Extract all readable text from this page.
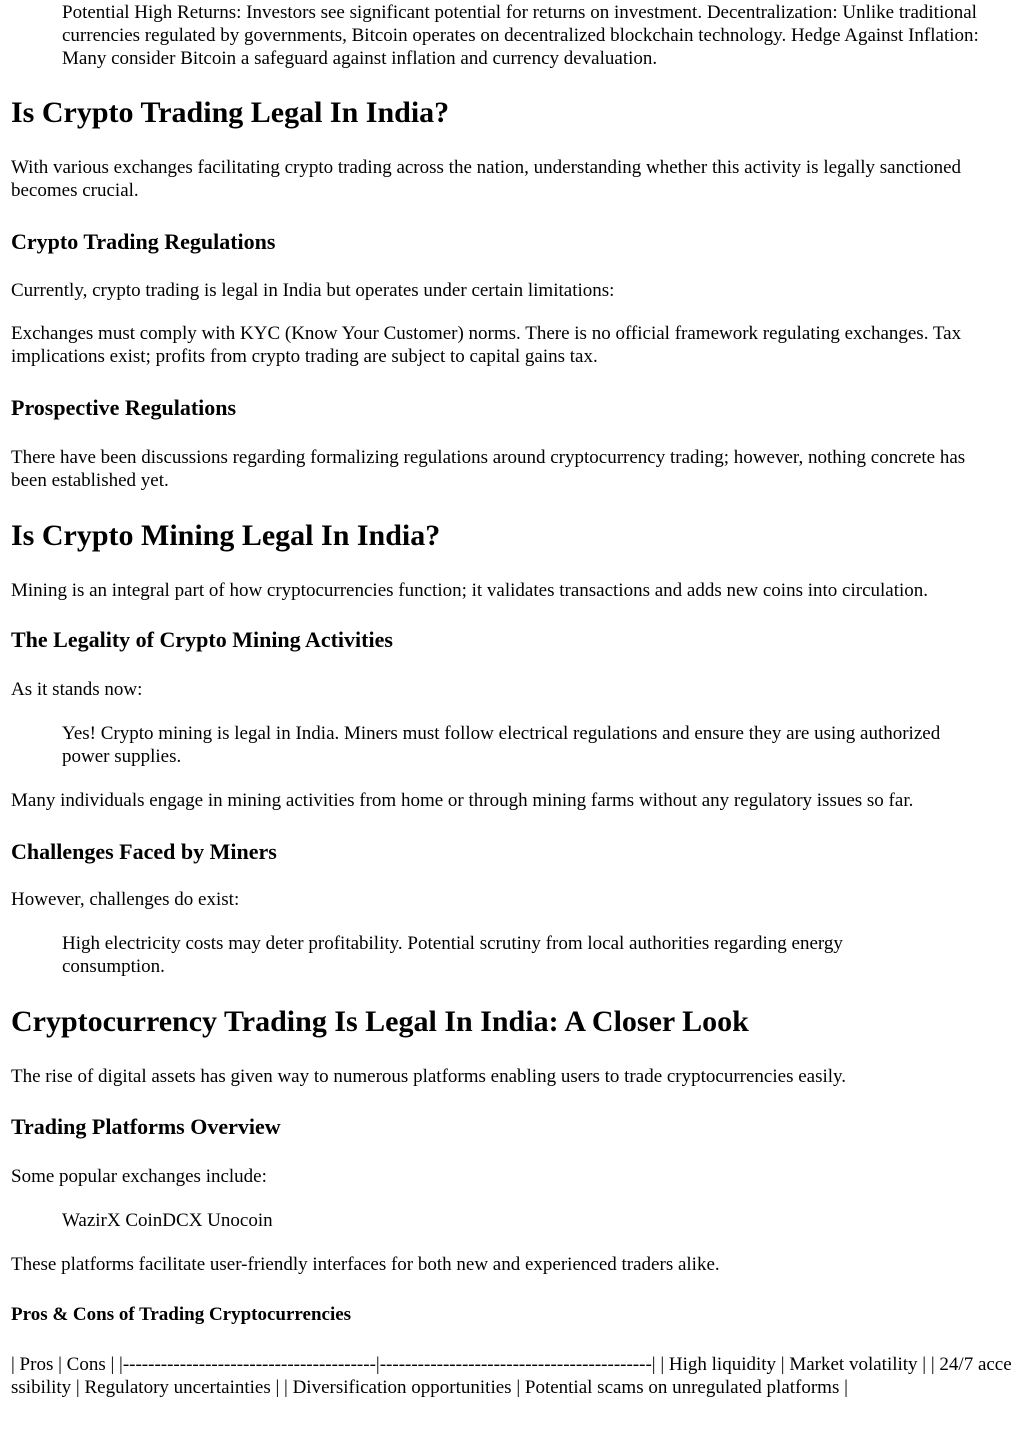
Potential High Returns: Investors see significant potential for returns on investment. Decentralization: Unlike traditional currencies regulated by governments, Bitcoin operates on decentralized blockchain technology. Hedge Against Inflation: Many consider Bitcoin a safeguard against inflation and currency devaluation.
Is Crypto Trading Legal In India?

With various exchanges facilitating crypto trading across the nation, understanding whether this activity is legally sanctioned becomes crucial.

Crypto Trading Regulations

Currently, crypto trading is legal in India but operates under certain limitations:

Exchanges must comply with KYC (Know Your Customer) norms. There is no official framework regulating exchanges. Tax implications exist; profits from crypto trading are subject to capital gains tax.

Prospective Regulations

There have been discussions regarding formalizing regulations around cryptocurrency trading; however, nothing concrete has been established yet.

Is Crypto Mining Legal In India?

Mining is an integral part of how cryptocurrencies function; it validates transactions and adds new coins into circulation.

The Legality of Crypto Mining Activities

As it stands now:

Yes! Crypto mining is legal in India. Miners must follow electrical regulations and ensure they are using authorized power supplies.

Many individuals engage in mining activities from home or through mining farms without any regulatory issues so far.

Challenges Faced by Miners

However, challenges do exist:

High electricity costs may deter profitability. Potential scrutiny from local authorities regarding energy consumption.
Cryptocurrency Trading Is Legal In India: A Closer Look

The rise of digital assets has given way to numerous platforms enabling users to trade cryptocurrencies easily.

Trading Platforms Overview

Some popular exchanges include:

WazirX CoinDCX Unocoin

These platforms facilitate user-friendly interfaces for both new and experienced traders alike.

Pros & Cons of Trading Cryptocurrencies

| Pros | Cons | |----------------------------------------|-------------------------------------------| | High liquidity | Market volatility | | 24/7 accessibility | Regulatory uncertainties | | Diversification opportunities | Potential scams on unregulated platforms |
